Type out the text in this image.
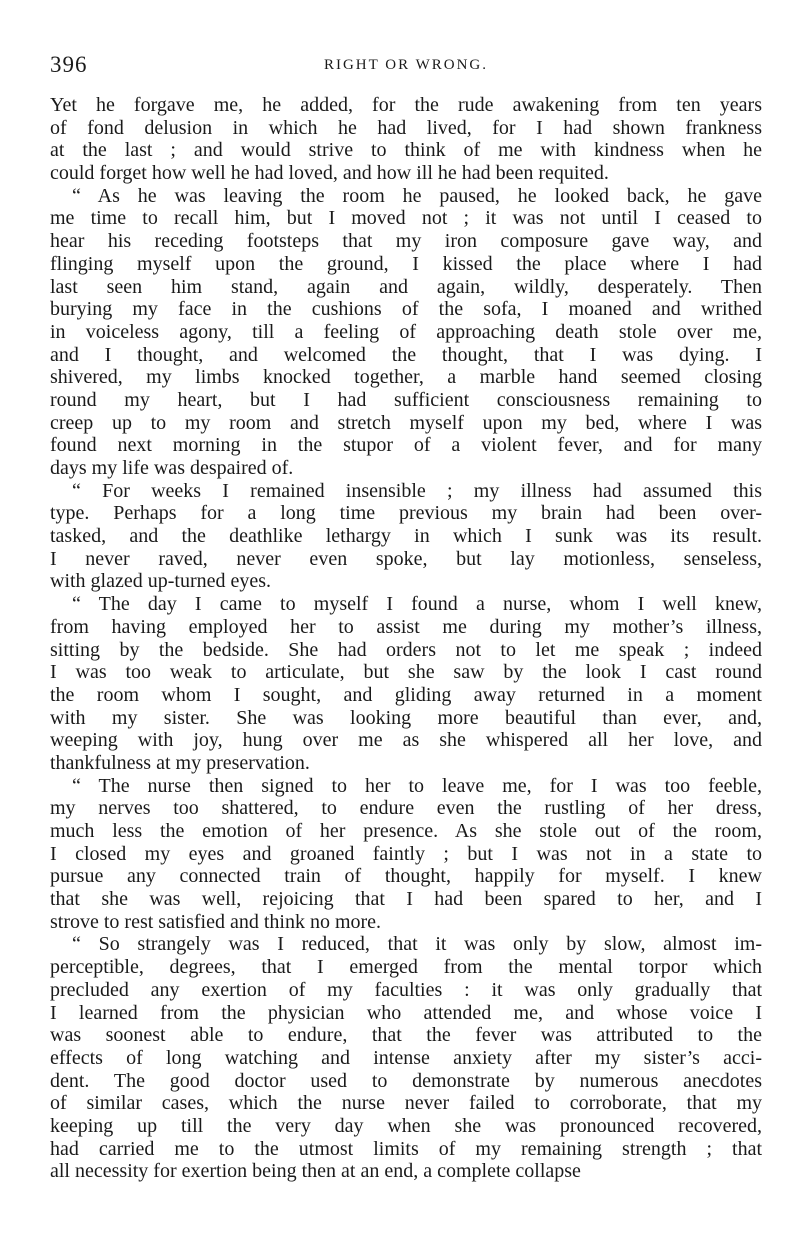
396	RIGHT OR WRONG.
Yet he forgave me, he added, for the rude awakening from ten years
of fond delusion in which he had lived, for I had shown frankness
at the last ; and would strive to think of me with kindness when he
could forget how well he had loved, and how ill he had been requited.
“ As he was leaving the room he paused, he looked back, he gave
me time to recall him, but I moved not ; it was not until I ceased to
hear his receding footsteps that my iron composure gave way, and
flinging myself upon the ground, I kissed the place where I had
last seen him stand, again and again, wildly, desperately. Then
burying my face in the cushions of the sofa, I moaned and writhed
in voiceless agony, till a feeling of approaching death stole over me,
and I thought, and welcomed the thought, that I was dying. I
shivered, my limbs knocked together, a marble hand seemed closing
round my heart, but I had sufficient consciousness remaining to
creep up to my room and stretch myself upon my bed, where I was
found next morning in the stupor of a violent fever, and for many
days my life was despaired of.
“ For weeks I remained insensible ; my illness had assumed this
type. Perhaps for a long time previous my brain had been over-
tasked, and the deathlike lethargy in which I sunk was its result.
I never raved, never even spoke, but lay motionless, senseless,
with glazed up-turned eyes.
“ The day I came to myself I found a nurse, whom I well knew,
from having employed her to assist me during my mother’s illness,
sitting by the bedside. She had orders not to let me speak ; indeed
I was too weak to articulate, but she saw by the look I cast round
the room whom I sought, and gliding away returned in a moment
with my sister. She was looking more beautiful than ever, and,
weeping with joy, hung over me as she whispered all her love, and
thankfulness at my preservation.
“ The nurse then signed to her to leave me, for I was too feeble,
my nerves too shattered, to endure even the rustling of her dress,
much less the emotion of her presence. As she stole out of the room,
I closed my eyes and groaned faintly ; but I was not in a state to
pursue any connected train of thought, happily for myself. I knew
that she was well, rejoicing that I had been spared to her, and I
strove to rest satisfied and think no more.
“ So strangely was I reduced, that it was only by slow, almost im-
perceptible, degrees, that I emerged from the mental torpor which
precluded any exertion of my faculties : it was only gradually that
I learned from the physician who attended me, and whose voice I
was soonest able to endure, that the fever was attributed to the
effects of long watching and intense anxiety after my sister’s acci-
dent. The good doctor used to demonstrate by numerous anecdotes
of similar cases, which the nurse never failed to corroborate, that my
keeping up till the very day when she was pronounced recovered,
had carried me to the utmost limits of my remaining strength ; that
all necessity for exertion being then at an end, a complete collapse
